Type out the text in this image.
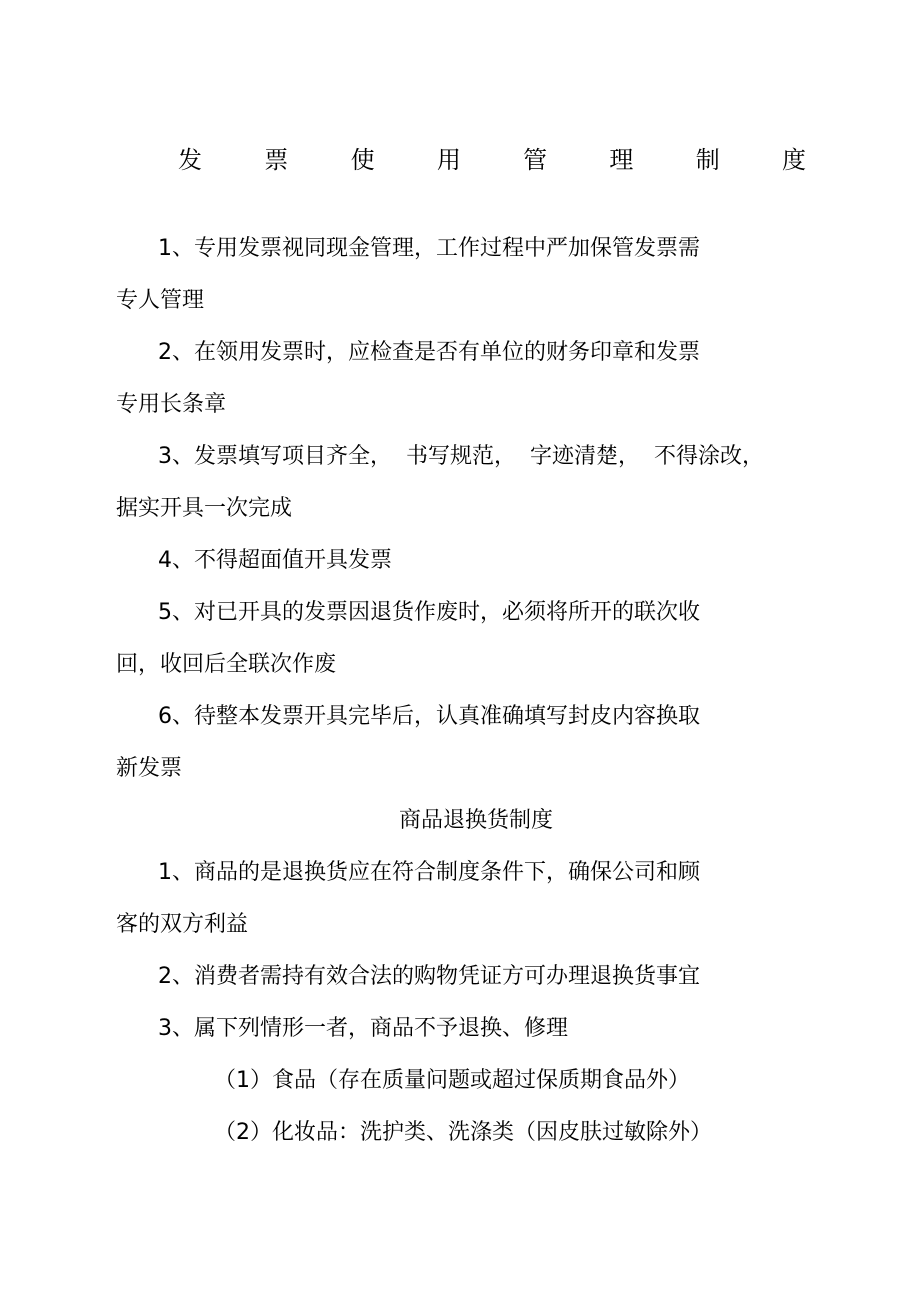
发	票	使	用	管	理	制	度
1、专用发票视同现金管理，工作过程中严加保管发票需
专人管理
2、在领用发票时，应检查是否有单位的财务印章和发票
专用长条章
3、发票填写项目齐全，  书写规范，  字迹清楚，  不得涂改，
据实开具一次完成
4、不得超面值开具发票
5、对已开具的发票因退货作废时，必须将所开的联次收
回，收回后全联次作废
6、待整本发票开具完毕后，认真准确填写封皮内容换取
新发票
商品退换货制度
1、商品的是退换货应在符合制度条件下，确保公司和顾
客的双方利益
2、消费者需持有效合法的购物凭证方可办理退换货事宜
3、属下列情形一者，商品不予退换、修理
（1）食品（存在质量问题或超过保质期食品外）
（2）化妆品：洗护类、洗涤类（因皮肤过敏除外）
